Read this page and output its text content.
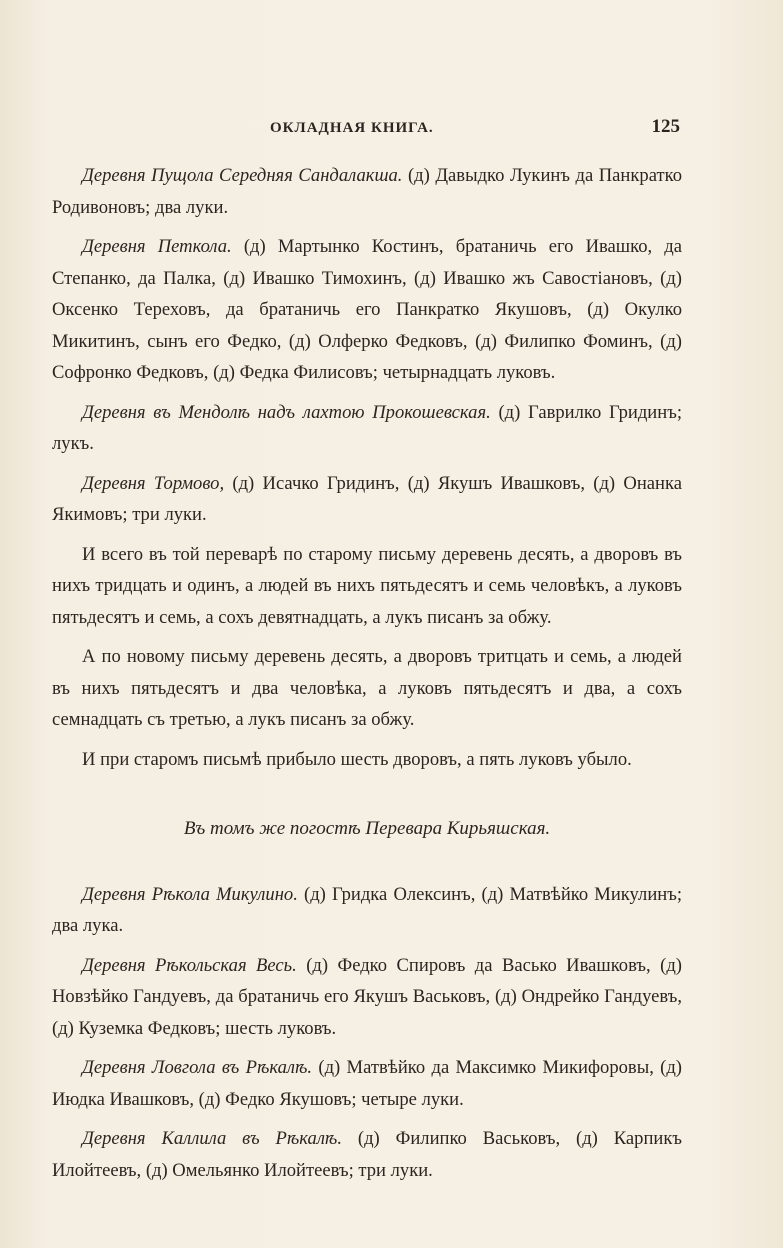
ОКЛАДНАЯ КНИГА.	125

Деревня Пущола Середняя Сандалакша. (д) Давыдко Лукинъ да Панкратко Родивоновъ; два луки.

Деревня Петкола. (д) Мартынко Костинъ, братаничь его Ивашко, да Степанко, да Палка, (д) Ивашко Тимохинъ, (д) Ивашко жъ Савостіановъ, (д) Оксенко Тереховъ, да братаничь его Панкратко Якушовъ, (д) Окулко Микитинъ, сынъ его Федко, (д) Олферко Федковъ, (д) Филипко Фоминъ, (д) Софронко Федковъ, (д) Федка Филисовъ; четырнадцать луковъ.

Деревня въ Мендолѣ надъ лахтою Прокошевская. (д) Гаврилко Гридинъ; лукъ.

Деревня Тормово, (д) Исачко Гридинъ, (д) Якушъ Ивашковъ, (д) Онанка Якимовъ; три луки.

И всего въ той переварѣ по старому письму деревень десять, а дворовъ въ нихъ тридцать и одинъ, а людей въ нихъ пятьдесятъ и семь человѣкъ, а луковъ пятьдесятъ и семь, а сохъ девятнадцать, а лукъ писанъ за обжу.

А по новому письму деревень десять, а дворовъ тритцать и семь, а людей въ нихъ пятьдесятъ и два человѣка, а луковъ пятьдесятъ и два, а сохъ семнадцать съ третью, а лукъ писанъ за обжу.

И при старомъ письмѣ прибыло шесть дворовъ, а пять луковъ убыло.

Въ томъ же погостѣ Перевара Кирьяшская.

Деревня Рѣкола Микулино. (д) Гридка Олексинъ, (д) Матвѣйко Микулинъ; два лука.

Деревня Рѣкольская Весь. (д) Федко Спировъ да Васько Ивашковъ, (д) Новзѣйко Гандуевъ, да братаничь его Якушъ Васьковъ, (д) Ондрейко Гандуевъ, (д) Куземка Федковъ; шесть луковъ.

Деревня Ловгола въ Рѣкалѣ. (д) Матвѣйко да Максимко Микифоровы, (д) Июдка Ивашковъ, (д) Федко Якушовъ; четыре луки.

Деревня Каллила въ Рѣкалѣ. (д) Филипко Васьковъ, (д) Карпикъ Илойтеевъ, (д) Омельянко Илойтеевъ; три луки.
